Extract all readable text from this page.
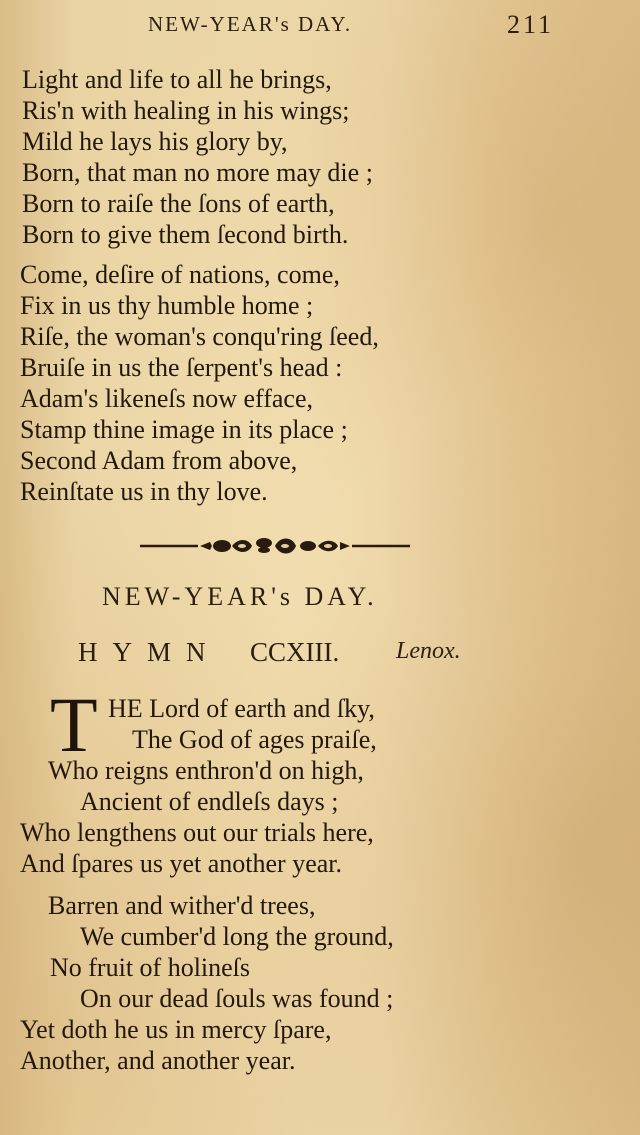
NEW-YEAR's DAY.	211
Light and life to all he brings,
Ris'n with healing in his wings;
Mild he lays his glory by,
Born, that man no more may die ;
Born to raiſe the ſons of earth,
Born to give them ſecond birth.
Come, deſire of nations, come,
Fix in us thy humble home ;
Riſe, the woman's conqu'ring ſeed,
Bruiſe in us the ſerpent's head :
Adam's likeneſs now efface,
Stamp thine image in its place ;
Second Adam from above,
Reinſtate us in thy love.
NEW-YEAR's DAY.
HYMN CCXIII. Lenox.
T HE Lord of earth and ſky,
The God of ages praiſe,
Who reigns enthron'd on high,
Ancient of endleſs days ;
Who lengthens out our trials here,
And ſpares us yet another year.
Barren and wither'd trees,
We cumber'd long the ground,
No fruit of holineſs
On our dead ſouls was found ;
Yet doth he us in mercy ſpare,
Another, and another year.
